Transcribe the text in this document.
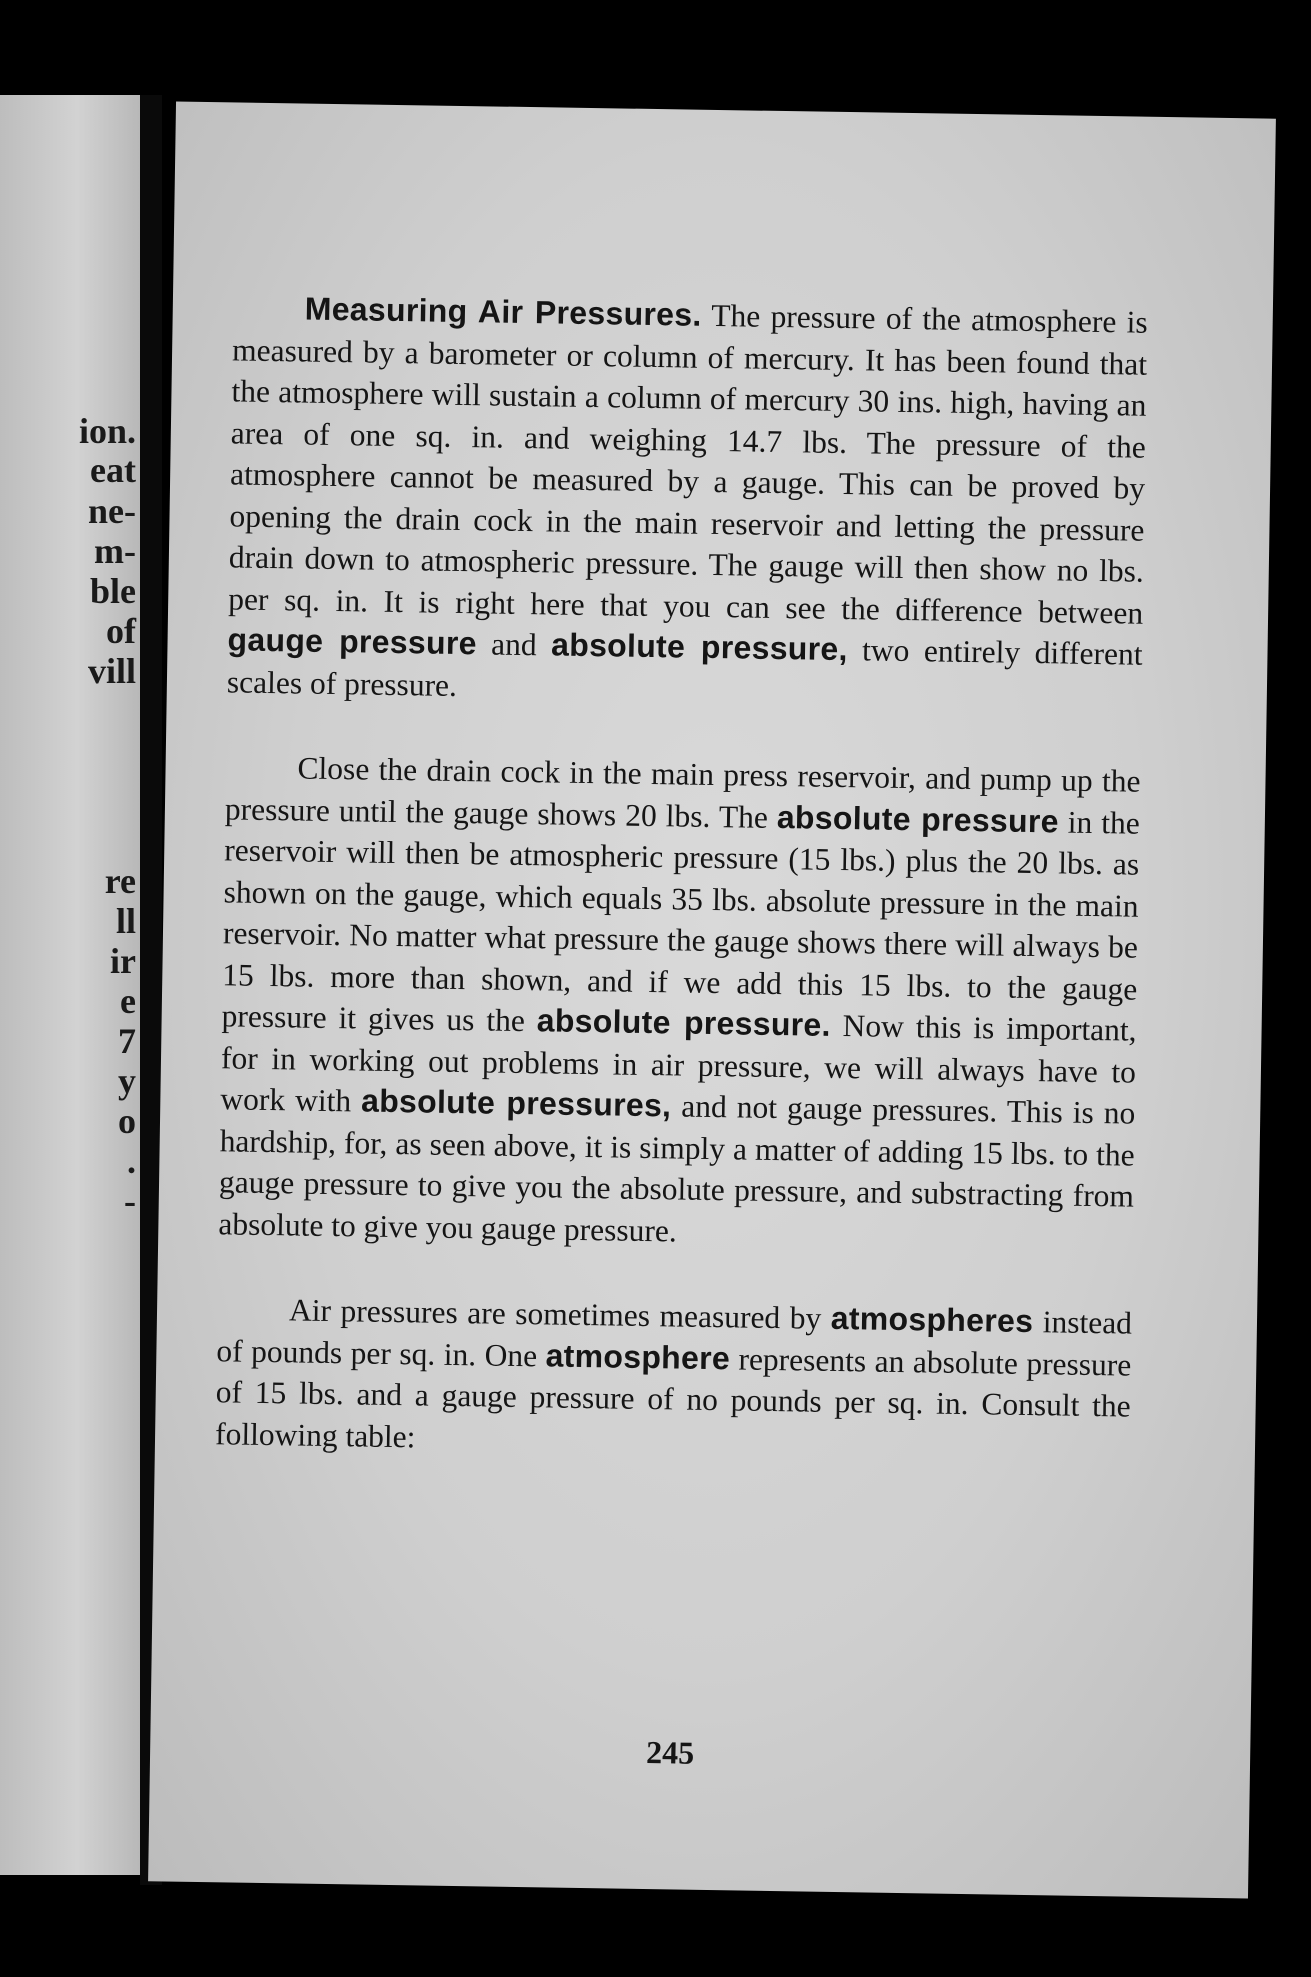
ion.
eat
ne-
m-
ble
of
vill
re
ll
ir
e
7
y
o
.
-

Measuring Air Pressures. The pressure of the atmosphere is measured by a barometer or column of mercury. It has been found that the atmosphere will sustain a column of mercury 30 ins. high, having an area of one sq. in. and weighing 14.7 lbs. The pressure of the atmosphere cannot be measured by a gauge. This can be proved by opening the drain cock in the main reservoir and letting the pressure drain down to atmospheric pressure. The gauge will then show no lbs. per sq. in. It is right here that you can see the difference between gauge pressure and absolute pressure, two entirely different scales of pressure.

Close the drain cock in the main press reservoir, and pump up the pressure until the gauge shows 20 lbs. The absolute pressure in the reservoir will then be atmospheric pressure (15 lbs.) plus the 20 lbs. as shown on the gauge, which equals 35 lbs. absolute pressure in the main reservoir. No matter what pressure the gauge shows there will always be 15 lbs. more than shown, and if we add this 15 lbs. to the gauge pressure it gives us the absolute pressure. Now this is important, for in working out problems in air pressure, we will always have to work with absolute pressures, and not gauge pressures. This is no hardship, for, as seen above, it is simply a matter of adding 15 lbs. to the gauge pressure to give you the absolute pressure, and substracting from absolute to give you gauge pressure.

Air pressures are sometimes measured by atmospheres instead of pounds per sq. in. One atmosphere represents an absolute pressure of 15 lbs. and a gauge pressure of no pounds per sq. in. Consult the following table:

245
